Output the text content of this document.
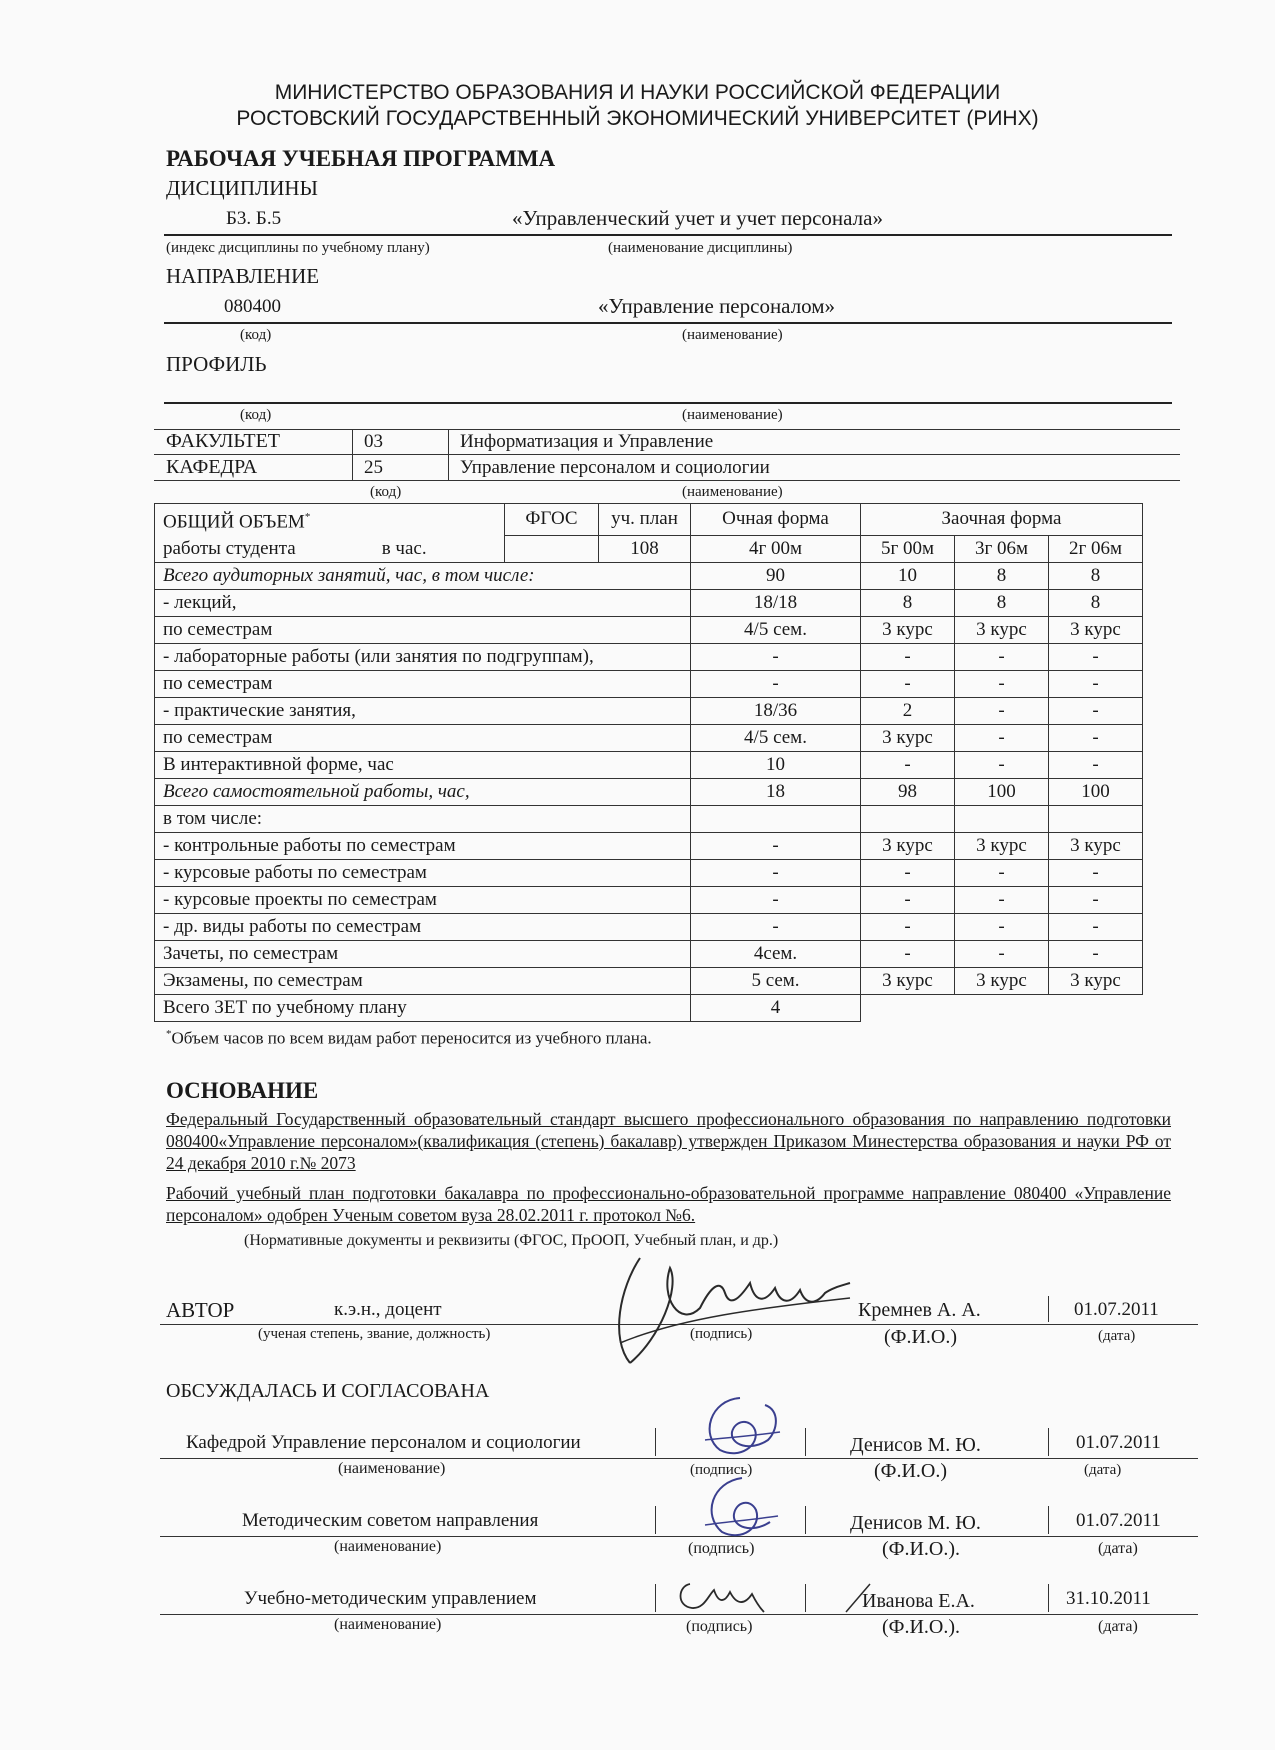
МИНИСТЕРСТВО ОБРАЗОВАНИЯ И НАУКИ РОССИЙСКОЙ ФЕДЕРАЦИИ
РОСТОВСКИЙ ГОСУДАРСТВЕННЫЙ ЭКОНОМИЧЕСКИЙ УНИВЕРСИТЕТ (РИНХ)
РАБОЧАЯ УЧЕБНАЯ ПРОГРАММА
ДИСЦИПЛИНЫ
Б3. Б.5	«Управленческий учет и учет персонала»
(индекс дисциплины по учебному плану)	(наименование дисциплины)
НАПРАВЛЕНИЕ
080400	«Управление персоналом»
(код)	(наименование)
ПРОФИЛЬ
(код)	(наименование)
ФАКУЛЬТЕТ	03	Информатизация и Управление
КАФЕДРА	25	Управление персоналом и социологии
(код)	(наименование)
ОБЩИЙ ОБЪЕМ*	ФГОС	уч. план	Очная форма	Заочная форма		
работы студента в час.		108	4г 00м	5г 00м	3г 06м	2г 06м
Всего аудиторных занятий, час, в том числе:			90	10	8	8
- лекций,			18/18	8	8	8
по семестрам			4/5 сем.	3 курс	3 курс	3 курс
- лабораторные работы (или занятия по подгруппам),			-	-	-	-
по семестрам			-	-	-	-
- практические занятия,			18/36	2	-	-
по семестрам			4/5 сем.	3 курс	-	-
В интерактивной форме, час			10	-	-	-
Всего самостоятельной работы, час,			18	98	100	100
в том числе:						
- контрольные работы по семестрам			-	3 курс	3 курс	3 курс
- курсовые работы по семестрам			-	-	-	-
- курсовые проекты по семестрам			-	-	-	-
- др. виды работы по семестрам			-	-	-	-
Зачеты, по семестрам			4сем.	-	-	-
Экзамены, по семестрам			5 сем.	3 курс	3 курс	3 курс
Всего ЗЕТ по учебному плану			4			
*Объем часов по всем видам работ переносится из учебного плана.
ОСНОВАНИЕ
Федеральный Государственный образовательный стандарт высшего профессионального образования по направлению подготовки 080400«Управление персоналом»(квалификация (степень) бакалавр) утвержден Приказом Минестерства образования и науки РФ от 24 декабря 2010 г.№ 2073
Рабочий учебный план подготовки бакалавра по профессионально-образовательной программе направление 080400 «Управление персоналом» одобрен Ученым советом вуза 28.02.2011 г. протокол №6.
(Нормативные документы и реквизиты (ФГОС, ПрООП, Учебный план, и др.)
АВТОР	к.э.н., доцент	Кремнев А. А.	01.07.2011
(ученая степень, звание, должность)	(подпись)	(Ф.И.О.)	(дата)
ОБСУЖДАЛАСЬ И СОГЛАСОВАНА
Кафедрой Управление персоналом и социологии	Денисов М. Ю.	01.07.2011
(наименование)	(подпись)	(Ф.И.О.)	(дата)
Методическим советом направления	Денисов М. Ю.	01.07.2011
(наименование)	(подпись)	(Ф.И.О.).	(дата)
Учебно-методическим управлением	Иванова Е.А.	31.10.2011
(наименование)	(подпись)	(Ф.И.О.).	(дата)
